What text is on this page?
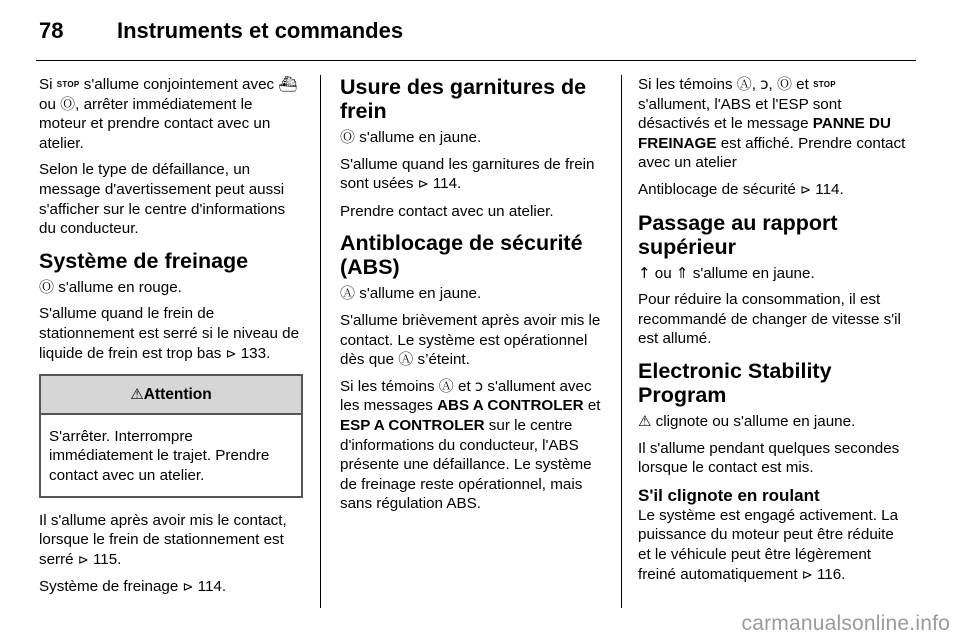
78 Instruments et commandes

Si STOP s'allume conjointement avec ⛴ ou Ⓞ, arrêter immédiatement le moteur et prendre contact avec un atelier.

Selon le type de défaillance, un message d'avertissement peut aussi s'afficher sur le centre d'informations du conducteur.

Système de freinage

Ⓞ s'allume en rouge.

S'allume quand le frein de stationnement est serré si le niveau de liquide de frein est trop bas ⊳ 133.

⚠Attention
S'arrêter. Interrompre immédiatement le trajet. Prendre contact avec un atelier.

Il s'allume après avoir mis le contact, lorsque le frein de stationnement est serré ⊳ 115.

Système de freinage ⊳ 114.

Usure des garnitures de frein

Ⓞ s'allume en jaune.

S'allume quand les garnitures de frein sont usées ⊳ 114.

Prendre contact avec un atelier.

Antiblocage de sécurité (ABS)

Ⓐ s'allume en jaune.

S'allume brièvement après avoir mis le contact. Le système est opérationnel dès que Ⓐ s’éteint.

Si les témoins Ⓐ et ↄ s'allument avec les messages ABS A CONTROLER et ESP A CONTROLER sur le centre d'informations du conducteur, l'ABS présente une défaillance. Le système de freinage reste opérationnel, mais sans régulation ABS.

Si les témoins Ⓐ, ↄ, Ⓞ et STOP s'allument, l'ABS et l'ESP sont désactivés et le message PANNE DU FREINAGE est affiché. Prendre contact avec un atelier

Antiblocage de sécurité ⊳ 114.

Passage au rapport supérieur

↑ ou ⇑ s'allume en jaune.

Pour réduire la consommation, il est recommandé de changer de vitesse s'il est allumé.

Electronic Stability Program

⚠ clignote ou s'allume en jaune.

Il s'allume pendant quelques secondes lorsque le contact est mis.

S'il clignote en roulant

Le système est engagé activement. La puissance du moteur peut être réduite et le véhicule peut être légèrement freiné automatiquement ⊳ 116.

carmanualsonline.info
